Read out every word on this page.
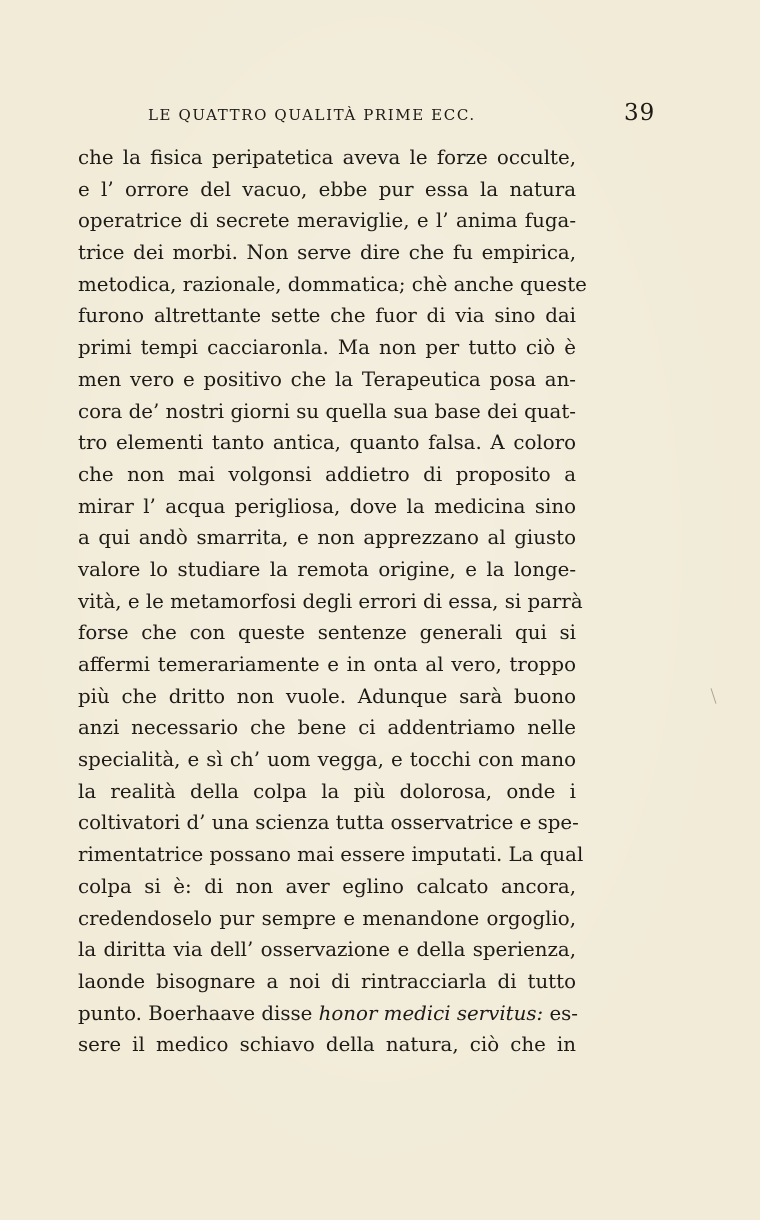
LE QUATTRO QUALITÀ PRIME ECC.	39
che la fisica peripatetica aveva le forze occulte,
e l’ orrore del vacuo, ebbe pur essa la natura
operatrice di secrete meraviglie, e l’ anima fuga-
trice dei morbi. Non serve dire che fu empirica,
metodica, razionale, dommatica; chè anche queste
furono altrettante sette che fuor di via sino dai
primi tempi cacciaronla. Ma non per tutto ciò è
men vero e positivo che la Terapeutica posa an-
cora de’ nostri giorni su quella sua base dei quat-
tro elementi tanto antica, quanto falsa. A coloro
che non mai volgonsi addietro di proposito a
mirar l’ acqua perigliosa, dove la medicina sino
a qui andò smarrita, e non apprezzano al giusto
valore lo studiare la remota origine, e la longe-
vità, e le metamorfosi degli errori di essa, si parrà
forse che con queste sentenze generali qui si
affermi temerariamente e in onta al vero, troppo
più che dritto non vuole. Adunque sarà buono
anzi necessario che bene ci addentriamo nelle
specialità, e sì ch’ uom vegga, e tocchi con mano
la realità della colpa la più dolorosa, onde i
coltivatori d’ una scienza tutta osservatrice e spe-
rimentatrice possano mai essere imputati. La qual
colpa si è: di non aver eglino calcato ancora,
credendoselo pur sempre e menandone orgoglio,
la diritta via dell’ osservazione e della sperienza,
laonde bisognare a noi di rintracciarla di tutto
punto. Boerhaave disse honor medici servitus: es-
sere il medico schiavo della natura, ciò che in
